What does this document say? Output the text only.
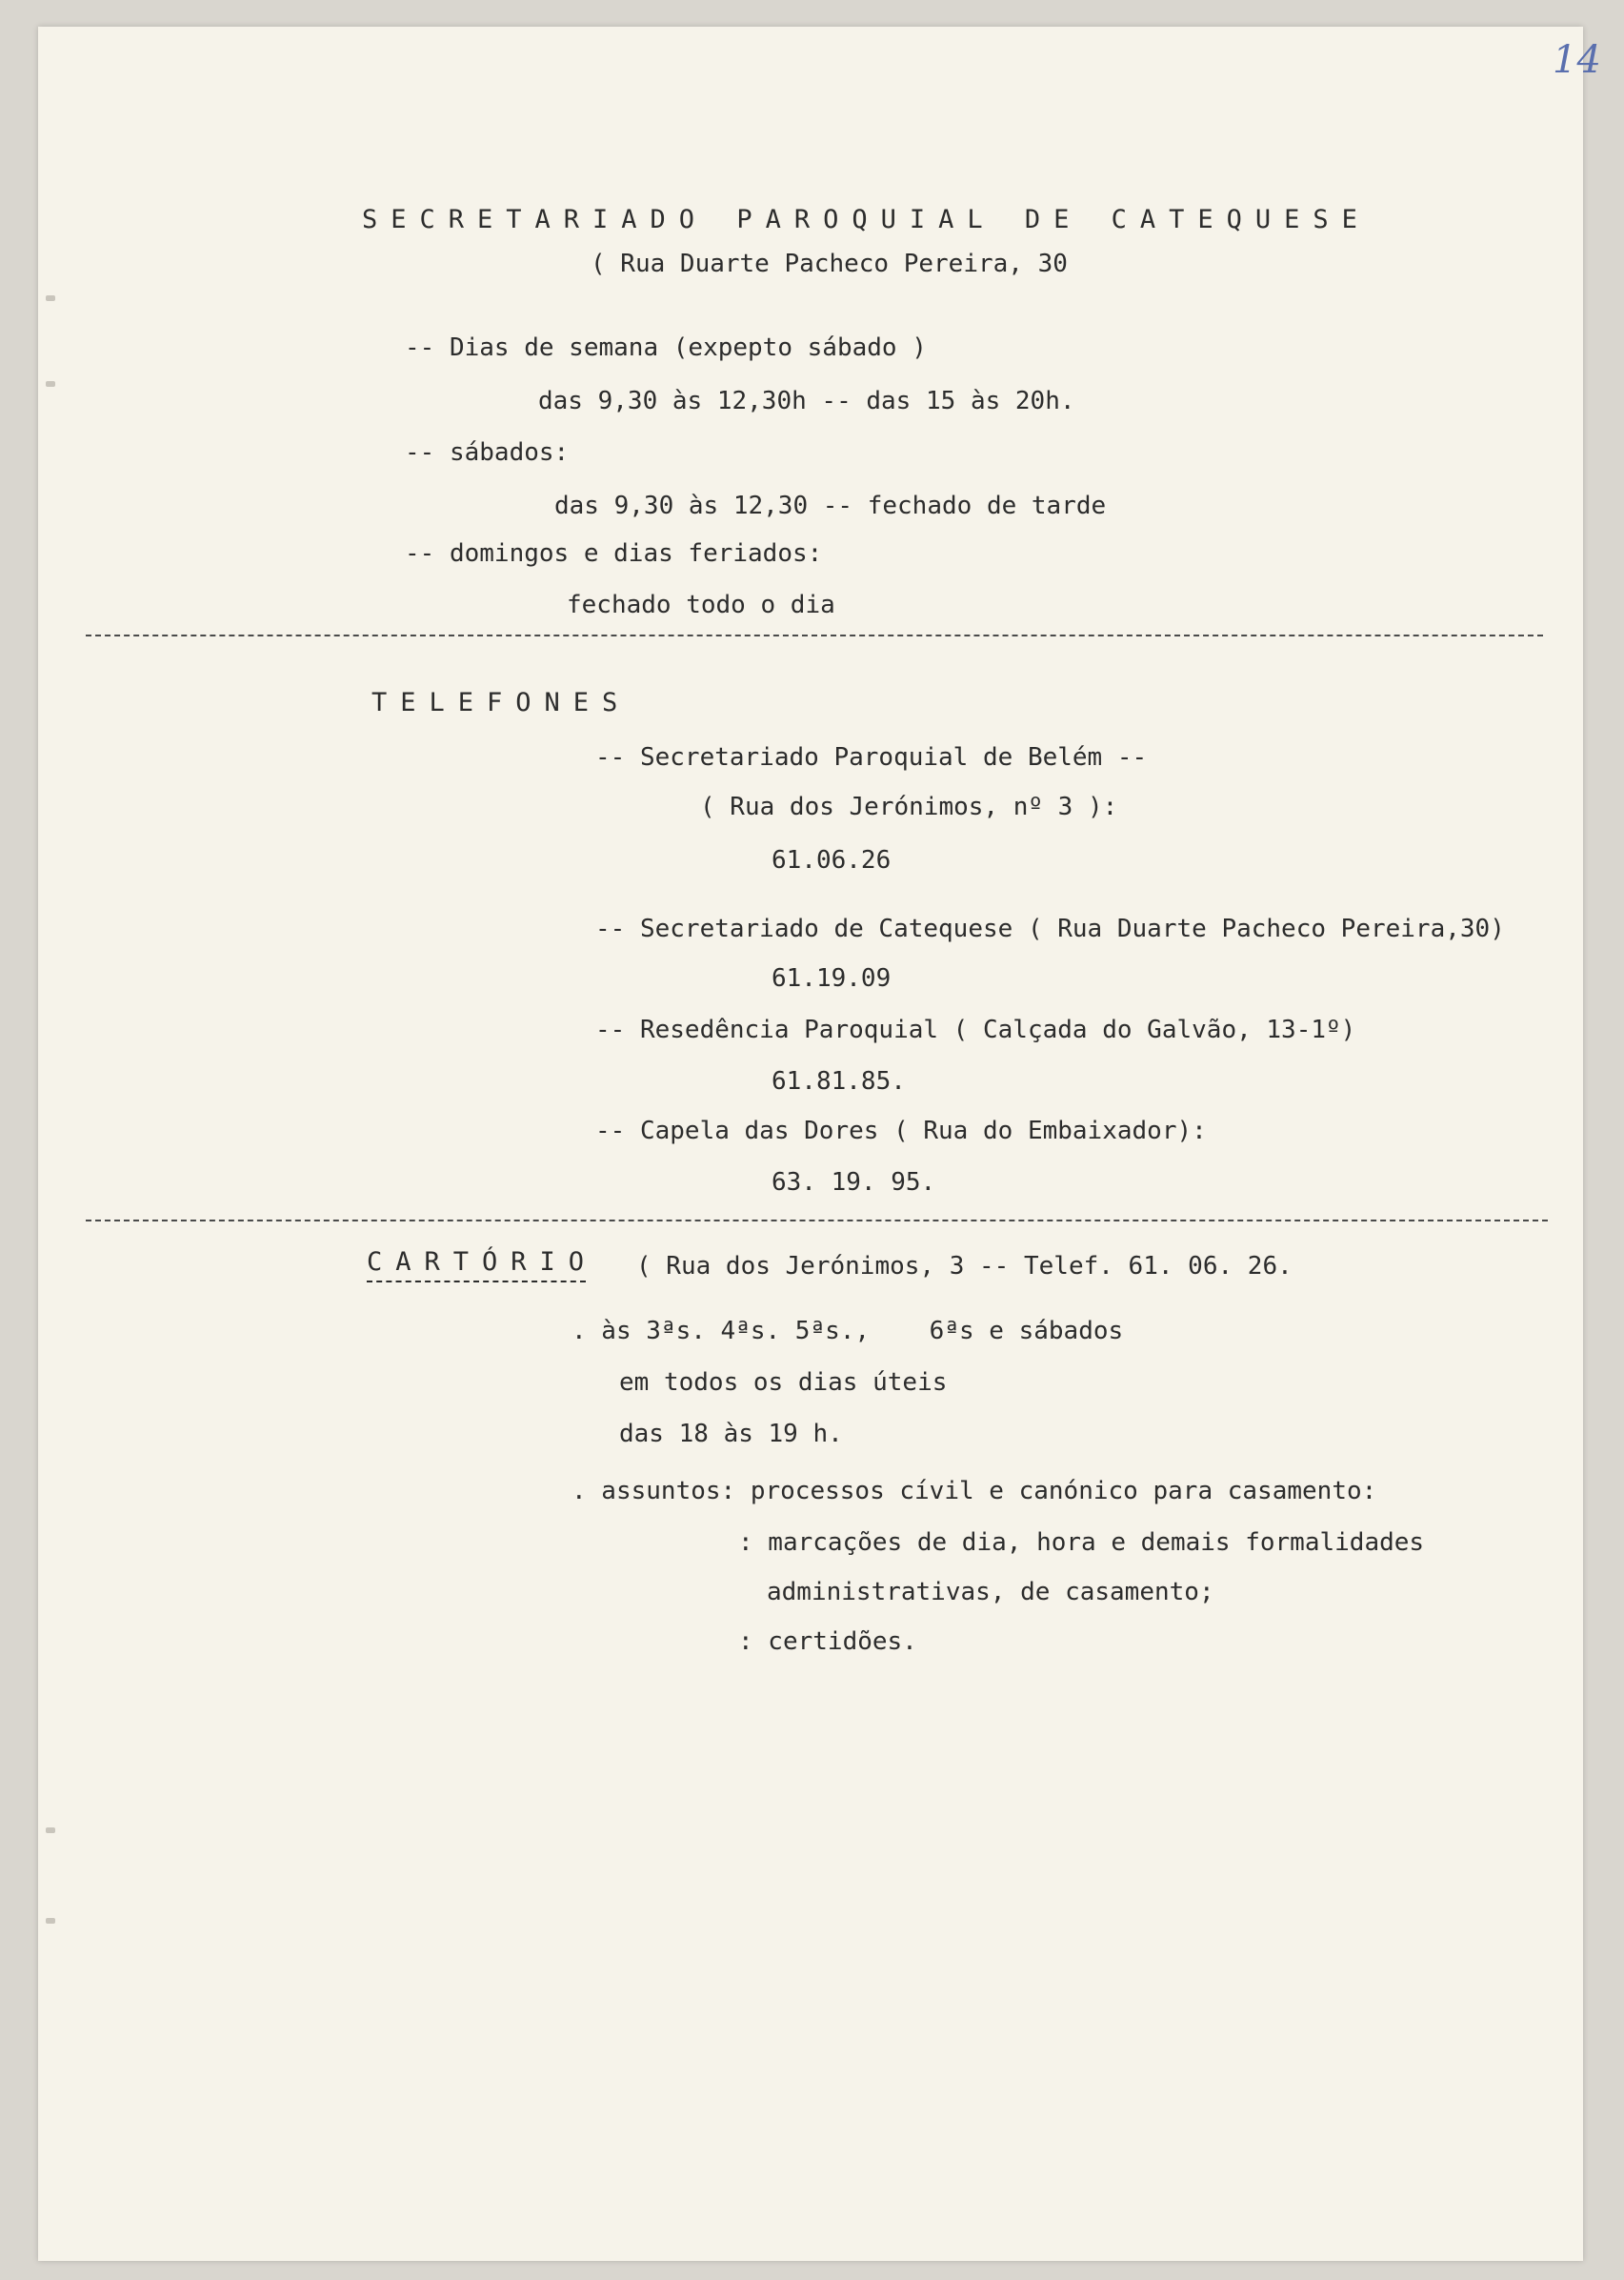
14
SECRETARIADO PAROQUIAL DE CATEQUESE
( Rua Duarte Pacheco Pereira, 30
-- Dias de semana (expepto sábado )
das 9,30 às 12,30h -- das 15 às 20h.
-- sábados:
das 9,30 às 12,30 -- fechado de tarde
-- domingos e dias feriados:
fechado todo o dia
TELEFONES
-- Secretariado Paroquial de Belém --
( Rua dos Jerónimos, nº 3 ):
61.06.26
-- Secretariado de Catequese ( Rua Duarte Pacheco Pereira,30)
61.19.09
-- Resedência Paroquial ( Calçada do Galvão, 13-1º)
61.81.85.
-- Capela das Dores ( Rua do Embaixador):
63. 19. 95.
CARTÓRIO ( Rua dos Jerónimos, 3 -- Telef. 61. 06. 26.
. às 3ªs. 4ªs. 5ªs.,    6ªs e sábados
em todos os dias úteis
das 18 às 19 h.
. assuntos: processos cívil e canónico para casamento:
: marcações de dia, hora e demais formalidades
administrativas, de casamento;
: certidões.
